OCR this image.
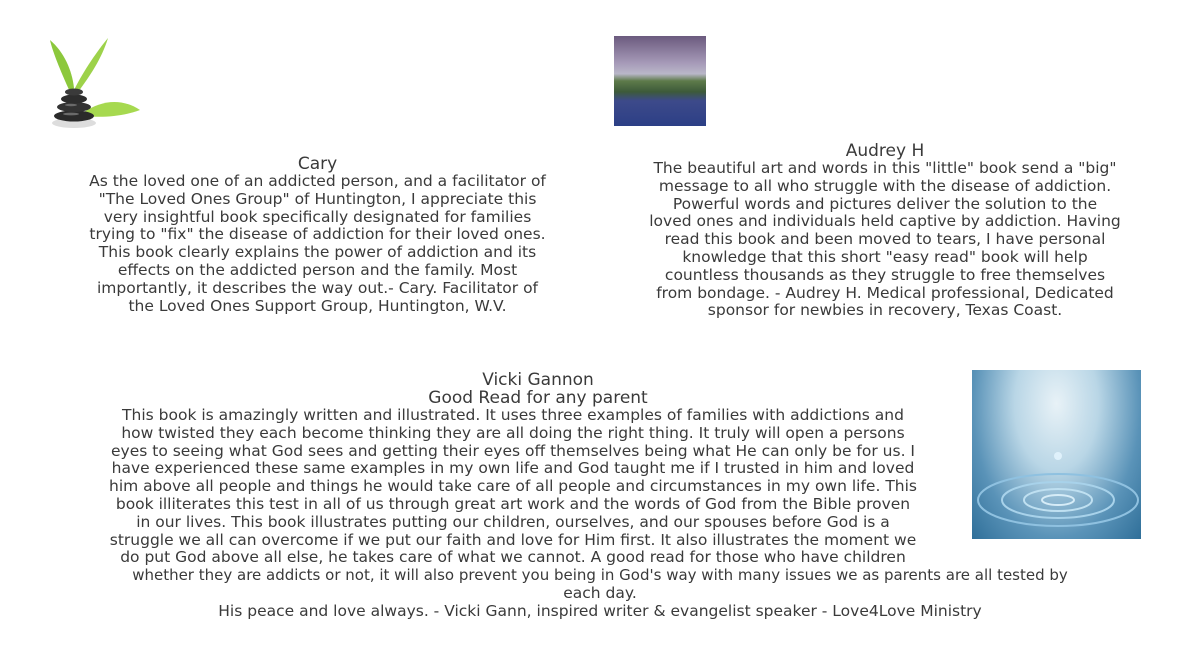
Cary
As the loved one of an addicted person, and a facilitator of
"The Loved Ones Group" of Huntington, I appreciate this
very insightful book specifically designated for families
trying to "fix" the disease of addiction for their loved ones.
This book clearly explains the power of addiction and its
effects on the addicted person and the family. Most
importantly, it describes the way out.- Cary. Facilitator of
the Loved Ones Support Group, Huntington, W.V.
Audrey H
The beautiful art and words in this "little" book send a "big"
message to all who struggle with the disease of addiction.
Powerful words and pictures deliver the solution to the
loved ones and individuals held captive by addiction. Having
read this book and been moved to tears, I have personal
knowledge that this short "easy read" book will help
countless thousands as they struggle to free themselves
from bondage. - Audrey H. Medical professional, Dedicated
sponsor for newbies in recovery, Texas Coast.
Vicki Gannon
Good Read for any parent
This book is amazingly written and illustrated. It uses three examples of families with addictions and
how twisted they each become thinking they are all doing the right thing. It truly will open a persons
eyes to seeing what God sees and getting their eyes off themselves being what He can only be for us. I
have experienced these same examples in my own life and God taught me if I trusted in him and loved
him above all people and things he would take care of all people and circumstances in my own life. This
book illiterates this test in all of us through great art work and the words of God from the Bible proven
in our lives. This book illustrates putting our children, ourselves, and our spouses before God is a
struggle we all can overcome if we put our faith and love for Him first. It also illustrates the moment we
do put God above all else, he takes care of what we cannot. A good read for those who have children
whether they are addicts or not, it will also prevent you being in God's way with many issues we as parents are all tested by
each day.
His peace and love always. - Vicki Gann, inspired writer & evangelist speaker - Love4Love Ministry
